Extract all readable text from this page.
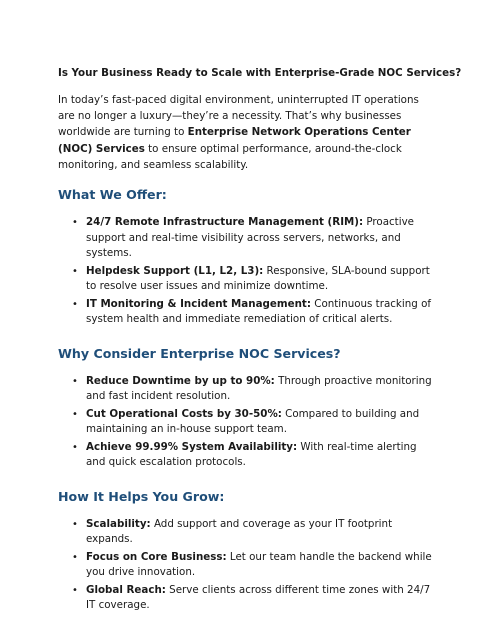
Is Your Business Ready to Scale with Enterprise-Grade NOC Services?

In today’s fast-paced digital environment, uninterrupted IT operations are no longer a luxury—they’re a necessity. That’s why businesses worldwide are turning to Enterprise Network Operations Center (NOC) Services to ensure optimal performance, around-the-clock monitoring, and seamless scalability.

What We Offer:
• 24/7 Remote Infrastructure Management (RIM): Proactive support and real-time visibility across servers, networks, and systems.
• Helpdesk Support (L1, L2, L3): Responsive, SLA-bound support to resolve user issues and minimize downtime.
• IT Monitoring & Incident Management: Continuous tracking of system health and immediate remediation of critical alerts.
Why Consider Enterprise NOC Services?
• Reduce Downtime by up to 90%: Through proactive monitoring and fast incident resolution.
• Cut Operational Costs by 30-50%: Compared to building and maintaining an in-house support team.
• Achieve 99.99% System Availability: With real-time alerting and quick escalation protocols.
How It Helps You Grow:
• Scalability: Add support and coverage as your IT footprint expands.
• Focus on Core Business: Let our team handle the backend while you drive innovation.
• Global Reach: Serve clients across different time zones with 24/7 IT coverage.
